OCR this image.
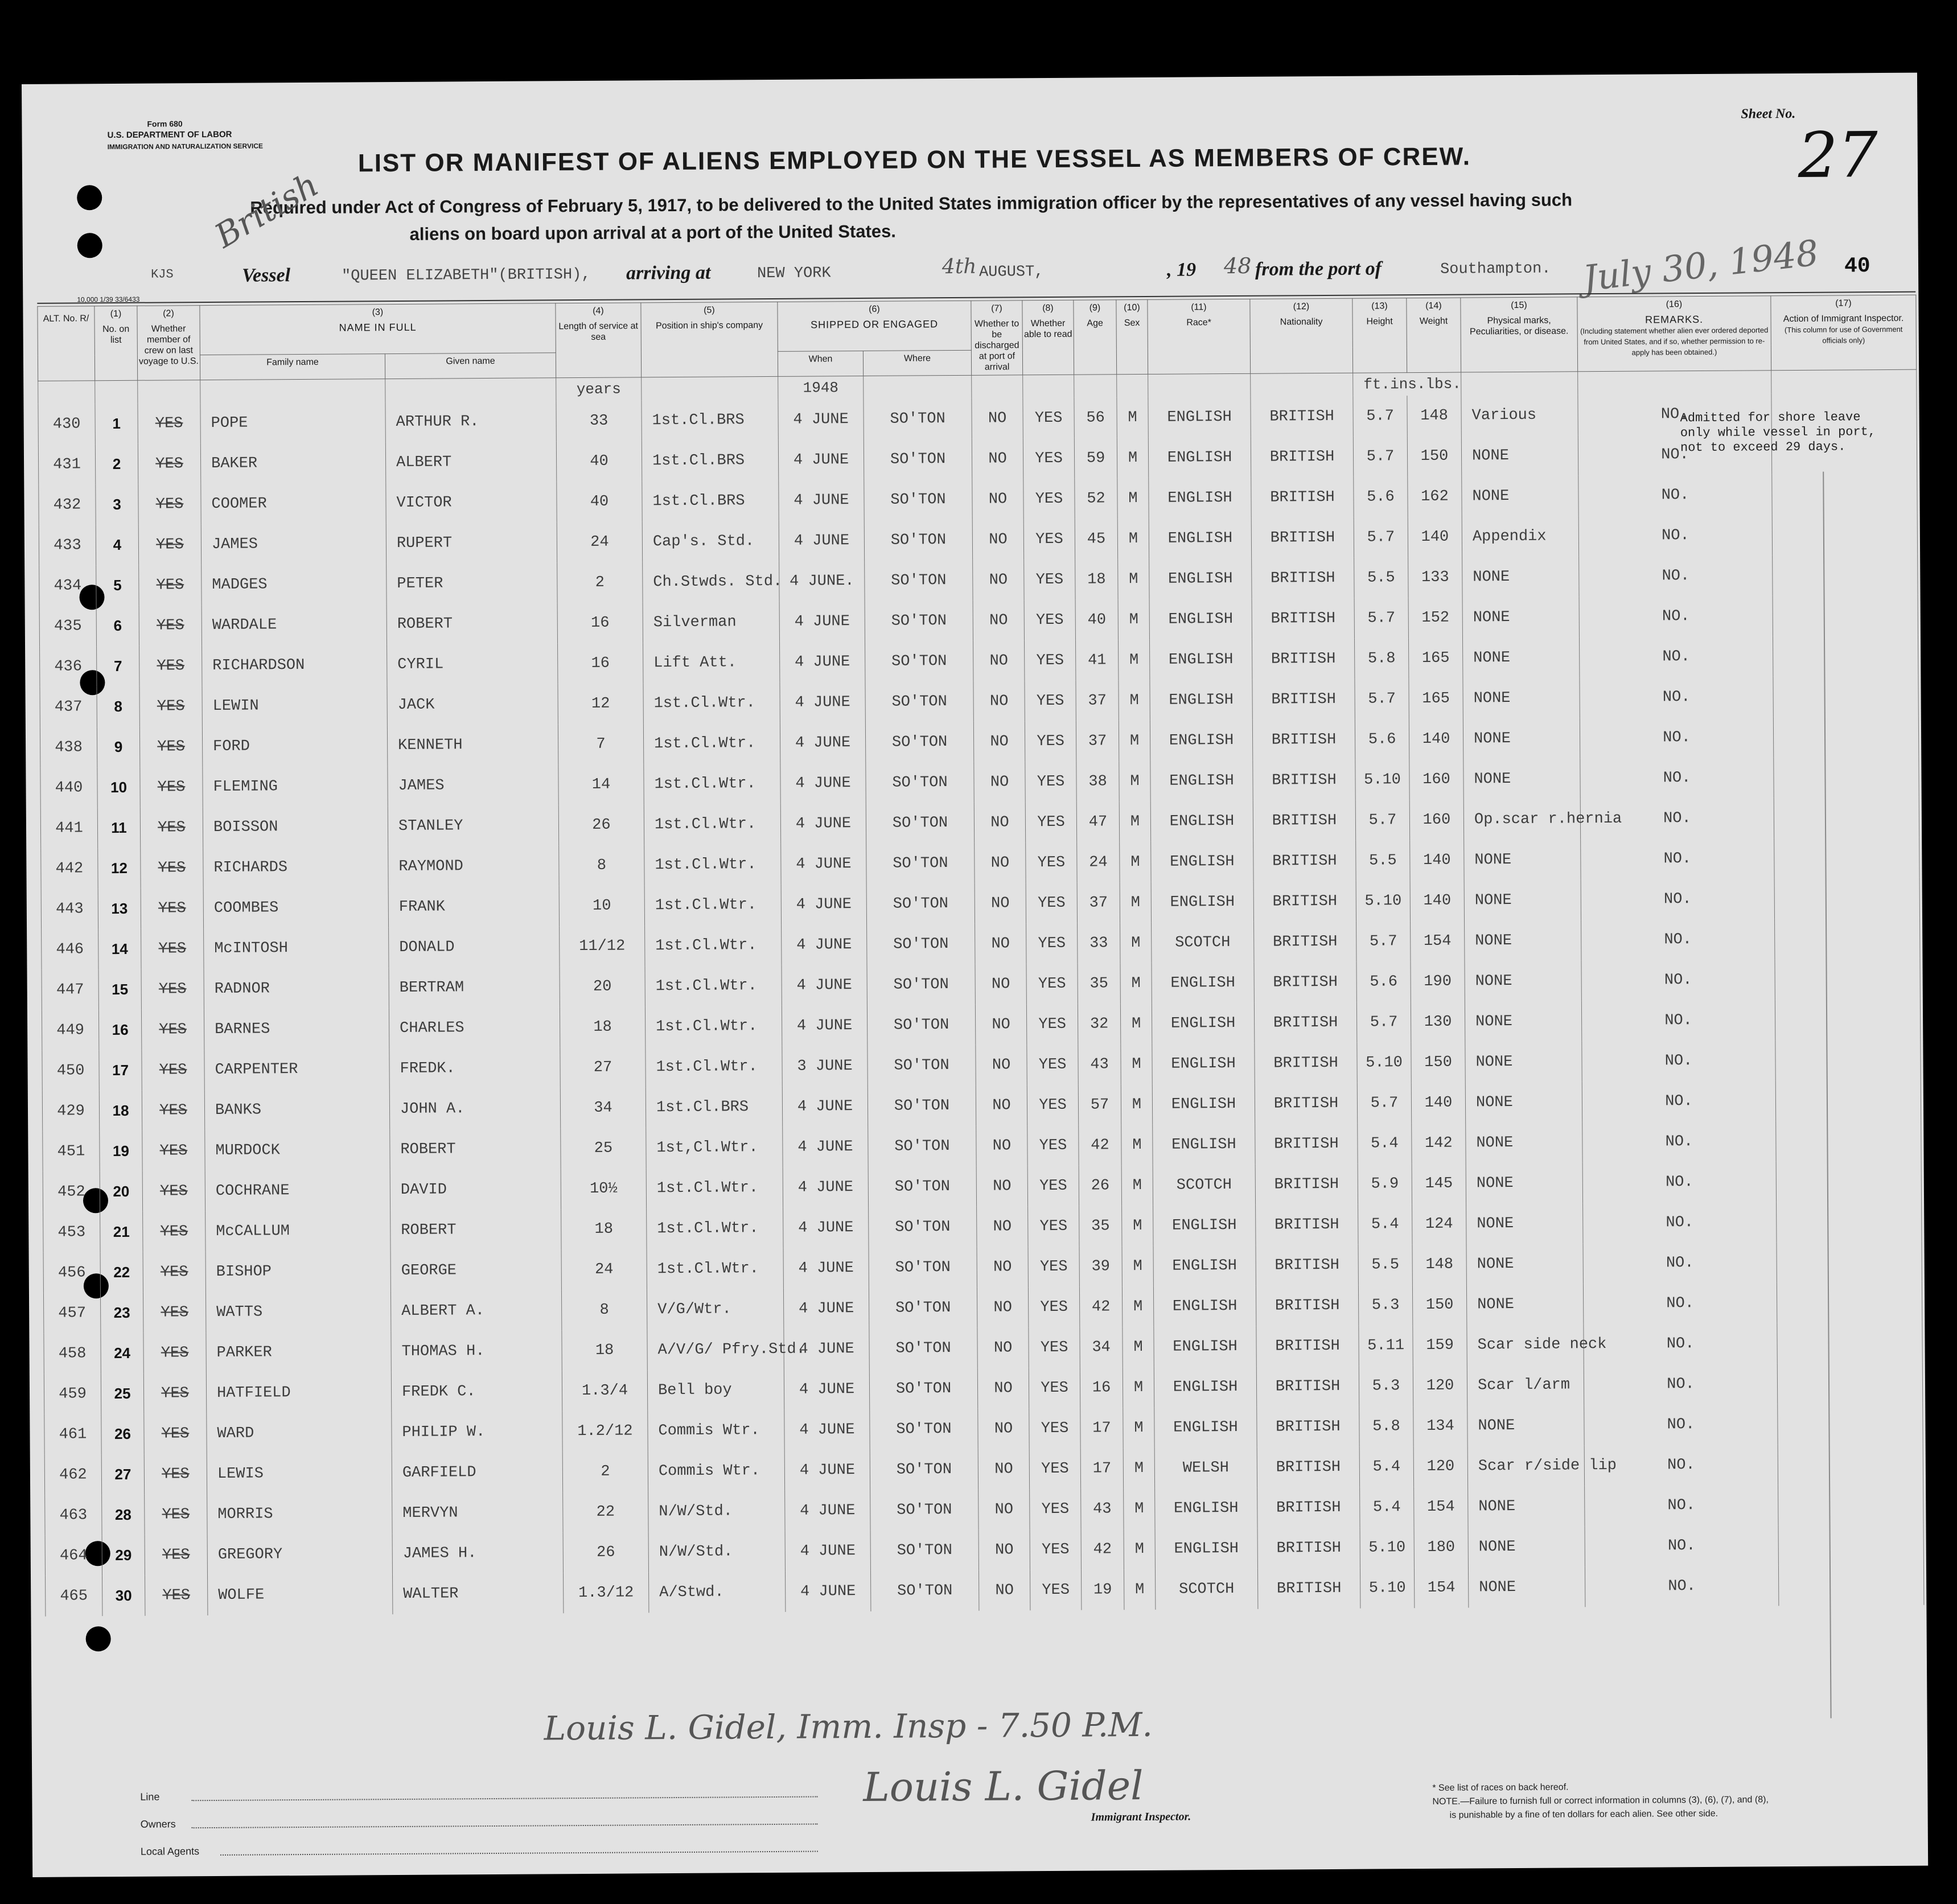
Form 680
U.S. DEPARTMENT OF LABOR
IMMIGRATION AND NATURALIZATION SERVICE
Sheet No.
27
LIST OR MANIFEST OF ALIENS EMPLOYED ON THE VESSEL AS MEMBERS OF CREW.
Required under Act of Congress of February 5, 1917, to be delivered to the United States immigration officer by the representatives of any vessel having such
aliens on board upon arrival at a port of the United States.
British
KJS	Vessel	"QUEEN ELIZABETH"(BRITISH), arriving at	NEW YORK	4th AUGUST,	, 19 48 from the port of	Southampton. July 30, 1948 40
10,000 1/39 33/6433
ALT. No. R/	(1)
No. on list	(2)
Whether member of crew on last voyage to U.S.	(3)
NAME IN FULL		(4)
Length of service at sea	(5)
Position in ship's company	(6)
SHIPPED OR ENGAGED		(7)
Whether to be discharged at port of arrival	(8)
Whether able to read	(9)
Age	(10)
Sex	(11)
Race*	(12)
Nationality	(13)
Height	(14)
Weight	(15)
Physical marks, Peculiarities, or disease.	(16)
REMARKS.
(Including statement whether alien ever ordered deported from United States, and if so, whether permission to re-apply has been obtained.)	(17)
Action of Immigrant Inspector.
(This column for use of Government officials only)

			Family name	Given name			When	Where											
					years		1948								ft.ins.lbs.				
430	1	YES	POPE	ARTHUR R.	33	1st.Cl.BRS	4 JUNE	SO'TON	NO	YES	56	M	ENGLISH	BRITISH	5.7	148	Various	NO.	
431	2	YES	BAKER	ALBERT	40	1st.Cl.BRS	4 JUNE	SO'TON	NO	YES	59	M	ENGLISH	BRITISH	5.7	150	NONE	NO.	
432	3	YES	COOMER	VICTOR	40	1st.Cl.BRS	4 JUNE	SO'TON	NO	YES	52	M	ENGLISH	BRITISH	5.6	162	NONE	NO.	
433	4	YES	JAMES	RUPERT	24	Cap's. Std.	4 JUNE	SO'TON	NO	YES	45	M	ENGLISH	BRITISH	5.7	140	Appendix	NO.	
434	5	YES	MADGES	PETER	2	Ch.Stwds. Std.	4 JUNE.	SO'TON	NO	YES	18	M	ENGLISH	BRITISH	5.5	133	NONE	NO.	
435	6	YES	WARDALE	ROBERT	16	Silverman	4 JUNE	SO'TON	NO	YES	40	M	ENGLISH	BRITISH	5.7	152	NONE	NO.	
436	7	YES	RICHARDSON	CYRIL	16	Lift Att.	4 JUNE	SO'TON	NO	YES	41	M	ENGLISH	BRITISH	5.8	165	NONE	NO.	
437	8	YES	LEWIN	JACK	12	1st.Cl.Wtr.	4 JUNE	SO'TON	NO	YES	37	M	ENGLISH	BRITISH	5.7	165	NONE	NO.	
438	9	YES	FORD	KENNETH	7	1st.Cl.Wtr.	4 JUNE	SO'TON	NO	YES	37	M	ENGLISH	BRITISH	5.6	140	NONE	NO.	
440	10	YES	FLEMING	JAMES	14	1st.Cl.Wtr.	4 JUNE	SO'TON	NO	YES	38	M	ENGLISH	BRITISH	5.10	160	NONE	NO.	
441	11	YES	BOISSON	STANLEY	26	1st.Cl.Wtr.	4 JUNE	SO'TON	NO	YES	47	M	ENGLISH	BRITISH	5.7	160	Op.scar r.hernia	NO.	
442	12	YES	RICHARDS	RAYMOND	8	1st.Cl.Wtr.	4 JUNE	SO'TON	NO	YES	24	M	ENGLISH	BRITISH	5.5	140	NONE	NO.	
443	13	YES	COOMBES	FRANK	10	1st.Cl.Wtr.	4 JUNE	SO'TON	NO	YES	37	M	ENGLISH	BRITISH	5.10	140	NONE	NO.	
446	14	YES	McINTOSH	DONALD	11/12	1st.Cl.Wtr.	4 JUNE	SO'TON	NO	YES	33	M	SCOTCH	BRITISH	5.7	154	NONE	NO.	
447	15	YES	RADNOR	BERTRAM	20	1st.Cl.Wtr.	4 JUNE	SO'TON	NO	YES	35	M	ENGLISH	BRITISH	5.6	190	NONE	NO.	
449	16	YES	BARNES	CHARLES	18	1st.Cl.Wtr.	4 JUNE	SO'TON	NO	YES	32	M	ENGLISH	BRITISH	5.7	130	NONE	NO.	
450	17	YES	CARPENTER	FREDK.	27	1st.Cl.Wtr.	3 JUNE	SO'TON	NO	YES	43	M	ENGLISH	BRITISH	5.10	150	NONE	NO.	
429	18	YES	BANKS	JOHN A.	34	1st.Cl.BRS	4 JUNE	SO'TON	NO	YES	57	M	ENGLISH	BRITISH	5.7	140	NONE	NO.	
451	19	YES	MURDOCK	ROBERT	25	1st,Cl.Wtr.	4 JUNE	SO'TON	NO	YES	42	M	ENGLISH	BRITISH	5.4	142	NONE	NO.	
452	20	YES	COCHRANE	DAVID	10½	1st.Cl.Wtr.	4 JUNE	SO'TON	NO	YES	26	M	SCOTCH	BRITISH	5.9	145	NONE	NO.	
453	21	YES	McCALLUM	ROBERT	18	1st.Cl.Wtr.	4 JUNE	SO'TON	NO	YES	35	M	ENGLISH	BRITISH	5.4	124	NONE	NO.	
456	22	YES	BISHOP	GEORGE	24	1st.Cl.Wtr.	4 JUNE	SO'TON	NO	YES	39	M	ENGLISH	BRITISH	5.5	148	NONE	NO.	
457	23	YES	WATTS	ALBERT A.	8	V/G/Wtr.	4 JUNE	SO'TON	NO	YES	42	M	ENGLISH	BRITISH	5.3	150	NONE	NO.	
458	24	YES	PARKER	THOMAS H.	18	A/V/G/ Pfry.Std.	4 JUNE	SO'TON	NO	YES	34	M	ENGLISH	BRITISH	5.11	159	Scar side neck	NO.	
459	25	YES	HATFIELD	FREDK C.	1.3/4	Bell boy	4 JUNE	SO'TON	NO	YES	16	M	ENGLISH	BRITISH	5.3	120	Scar l/arm	NO.	
461	26	YES	WARD	PHILIP W.	1.2/12	Commis Wtr.	4 JUNE	SO'TON	NO	YES	17	M	ENGLISH	BRITISH	5.8	134	NONE	NO.	
462	27	YES	LEWIS	GARFIELD	2	Commis Wtr.	4 JUNE	SO'TON	NO	YES	17	M	WELSH	BRITISH	5.4	120	Scar r/side lip	NO.	
463	28	YES	MORRIS	MERVYN	22	N/W/Std.	4 JUNE	SO'TON	NO	YES	43	M	ENGLISH	BRITISH	5.4	154	NONE	NO.	
464	29	YES	GREGORY	JAMES H.	26	N/W/Std.	4 JUNE	SO'TON	NO	YES	42	M	ENGLISH	BRITISH	5.10	180	NONE	NO.	
465	30	YES	WOLFE	WALTER	1.3/12	A/Stwd.	4 JUNE	SO'TON	NO	YES	19	M	SCOTCH	BRITISH	5.10	154	NONE	NO.	
Admitted for shore leave only while vessel in port, not to exceed 29 days.
Louis L. Gidel, Imm. Insp - 7.50 P.M.
Louis L. Gidel
Immigrant Inspector.
Line
Owners
Local Agents
* See list of races on back hereof.
NOTE.—Failure to furnish full or correct information in columns (3), (6), (7), and (8),
is punishable by a fine of ten dollars for each alien. See other side.
